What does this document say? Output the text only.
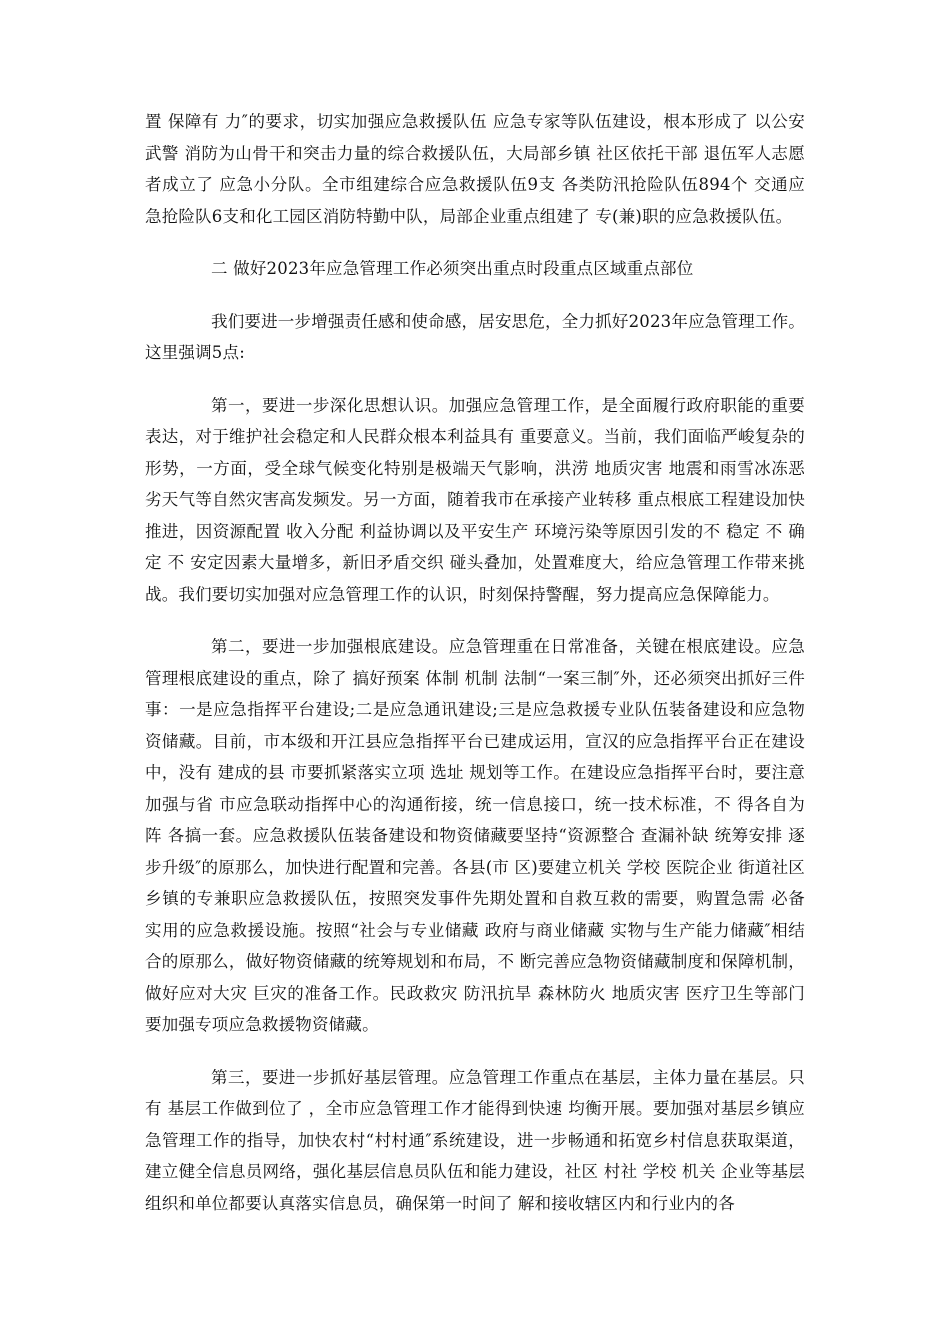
置 保障有 力″的要求，切实加强应急救援队伍 应急专家等队伍建设，根本形成了 以公安 武警 消防为山骨干和突击力量的综合救援队伍，大局部乡镇 社区依托干部 退伍军人志愿者成立了 应急小分队。全市组建综合应急救援队伍9支 各类防汛抢险队伍894个 交通应急抢险队6支和化工园区消防特勤中队，局部企业重点组建了 专(兼)职的应急救援队伍。

二 做好2023年应急管理工作必须突出重点时段重点区域重点部位

我们要进一步增强责任感和使命感，居安思危，全力抓好2023年应急管理工作。这里强调5点:

第一，要进一步深化思想认识。加强应急管理工作，是全面履行政府职能的重要表达，对于维护社会稳定和人民群众根本利益具有 重要意义。当前，我们面临严峻复杂的形势，一方面，受全球气候变化特别是极端天气影响，洪涝 地质灾害 地震和雨雪冰冻恶劣天气等自然灾害高发频发。另一方面，随着我市在承接产业转移 重点根底工程建设加快推进，因资源配置 收入分配 利益协调以及平安生产 环境污染等原因引发的不 稳定 不 确定 不 安定因素大量增多，新旧矛盾交织 碰头叠加，处置难度大，给应急管理工作带来挑战。我们要切实加强对应急管理工作的认识，时刻保持警醒，努力提高应急保障能力。

第二，要进一步加强根底建设。应急管理重在日常准备，关键在根底建设。应急管理根底建设的重点，除了 搞好预案 体制 机制 法制“一案三制″外，还必须突出抓好三件事：一是应急指挥平台建设;二是应急通讯建设;三是应急救援专业队伍装备建设和应急物资储藏。目前，市本级和开江县应急指挥平台已建成运用，宣汉的应急指挥平台正在建设中，没有 建成的县 市要抓紧落实立项 选址 规划等工作。在建设应急指挥平台时，要注意加强与省 市应急联动指挥中心的沟通衔接，统一信息接口，统一技术标准，不 得各自为阵 各搞一套。应急救援队伍装备建设和物资储藏要坚持“资源整合 查漏补缺 统筹安排 逐步升级″的原那么，加快进行配置和完善。各县(市 区)要建立机关 学校 医院企业 街道社区 乡镇的专兼职应急救援队伍，按照突发事件先期处置和自救互救的需要，购置急需 必备 实用的应急救援设施。按照“社会与专业储藏 政府与商业储藏 实物与生产能力储藏″相结合的原那么，做好物资储藏的统筹规划和布局，不 断完善应急物资储藏制度和保障机制，做好应对大灾 巨灾的准备工作。民政救灾 防汛抗旱 森林防火 地质灾害 医疗卫生等部门要加强专项应急救援物资储藏。

第三，要进一步抓好基层管理。应急管理工作重点在基层，主体力量在基层。只有 基层工作做到位了 ，全市应急管理工作才能得到快速 均衡开展。要加强对基层乡镇应急管理工作的指导，加快农村“村村通″系统建设，进一步畅通和拓宽乡村信息获取渠道，建立健全信息员网络，强化基层信息员队伍和能力建设，社区 村社 学校 机关 企业等基层组织和单位都要认真落实信息员，确保第一时间了 解和接收辖区内和行业内的各
